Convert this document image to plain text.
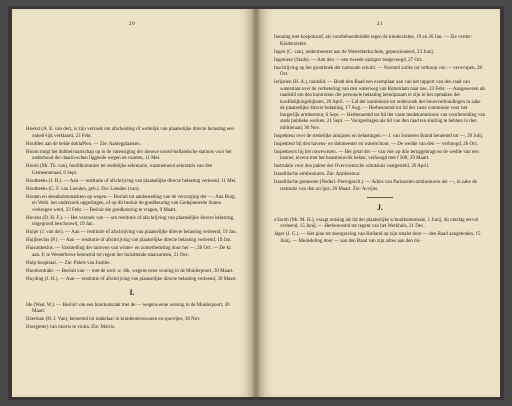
20
Hoekst (A. E. van der), is zijn verzoek om afscheiding of wettelijk van plaatselijke directe belasting een onheil-lijk verklaard, 23 Febr.
Hoofden aan de beide doklaPlen. — Zie: Aanlegplaatsen.
Hoorn mogt het dobbelvaartschap op in de vatensiging der nieuwe noord-hollandsche stations voor het onderhoud der daarin-schen liggende wegen en vaarten, 11 Mei.
Hoorn (Mr. Th. van), hoofdkommies ter stedelijke sekretarie, waarnemend sekretaris van den Gemeenteraad, 6 Sept.
Houtbeeks (J. H.). — Aan — restitutie of afschrijving van plaatselijke directe belasting verleend, 11 Mei.
Houtbeeks (C. F. van Lienden, geb.). Zie: Lienden (van).
Houten en steenkolenmarkten op wegen.— Besluit tot aanbesteding van de verzorging der —. Aan Burg. en Weth. het onderzoek opgedragen, of op dit besluit de goedkeuring van Gedeputeerde Staten verkregen werd, 23 Febr. — Besluit die goedkeuring te vragen, 9 Maart.
Hovens (D. H. F.). — Het verzoek van — om restitutie of afschrijving van plaatselijke directe belasting, ongegrond beschouwd, 19 Jan.
Huijer (J. van der). — Aan — restitutie of afschrijving van plaatselijke directe belasting verleend, 19 Jan.
Huijbrechts (P.). — Aan — restitutie of afschrijving van plaatselijke directe belasting verleend, 19 Jan.
Huisuitteklus. — Vaststelling der tarieven van winter- en zomerbedeling door het —, 28 Oct. — De kr. aan. F. te Westerbowe benoemd tot regent der huisittende staatsarmen, 21 Dec.
Hulp-hospitaal. — Zie: Paleis van Justitie.
Huurkontrakt. — Besluit van — met de wed. w. dik, wegens eene woning in de Muiderpoort, 30 Maart.
Huyding (J. H.). — Aan — restitutie of afschrijving van plaatselijke directe belasting verleend, 30 Maart.
I.
Ide (Wed. W.). — Besluit van een huurkontrakt met de — wegens eene woning in de Muiderpoort, 30 Maart.
IJzerman (H. J. Van), benoemd tot makelaar in kruideniersswaren en spoorijes, 30 Nov.
IJsergieter) van morris te violta. Zie: Morris.
21
Inenting met koepokstof, als voorbehoedmiddel tegen de kinderziekte, 19 en 26 Jan. — Zie verder: Kinderziekte.
Ingen (C. van), ondermeester aan de Westerkerkschule, gepensioneerd, 23 Junij.
Ingenieur (Stads). — Aan den — een tweede opzigter toegevoegd, 27 Oct.
Inschrijving op het grootboek der nationale schuld. — Voorstel zolles tot verkoop van — verworpen, 28 Oct.
Ierijsnen (H. A.), raadslid. — Biedt den Raad een exemplaar aan van het rapport van den raad van waterstaat over de verbetering van den waterweg van Rotterdam naar zee, 23 Febr. — Aangewezen als raadslid om den kontroleur der personele belasting behulpzaam te zijn in het opmaken der hoofdelijkingsbijlsten, 20 April. — Lid der kommissie tot onderzoek der bouwverhoudingen in zake de plaatselijke directe belasting, 17 Aug. — Herbenoemd tot lid der vaste commissie voor het burgerlijk armbestuur, 6 Sept. — Herbenoemd tot lid der vaste medekommissie van voorbereiding van stads publieke werken, 21 Sept. — Voorgedragen als lid van den raad ten sluiting te hebben in den militieraad, 30 Nov.
Inspekteur over de stedelijke amijasen en belastingen.— J. van Someren Brand benoemd tot —, 20 Julij.
Inspekteur bij den havens- en dokmeester en waterschout. — De wedde van den — verhoogd, 26 Oct.
Inspekteurs bij het ouwewezen. — Het getal der — van vier op drie teruggebragt en de wedde van een banner, tevens met het baasmouvolk belast, verhoogd met f 200, 29 Maart.
Instruktie voor den pakter der Overvcemsche schutsluis vastgesteld, 20 April.
Israelitische armbesturen. Zie: Armbestuur.
Israelitische gemeente (Nederl.-Portugesch.). — Adres van Parnassim-armbesturen der —, in zake de restitutie van den accijns, 26 Maart. Zie: Accijns.
J.
o'Jacob (Mr. M. H.), vraagt ontslag als lid der plaatselijke schoolkommissie, 1 Junij, dit ontslag eervol verleend, 15 Junij. — Herbenoemd tot regent van het Werkhuis, 21 Dec.
Jager (J. G.). — Het plan tot doorgraving van Holland op zijn smalst door — den Raad aangeboden, 15 Junij. — Mededeling door — aan den Raad van zijn adres aan den mi-
